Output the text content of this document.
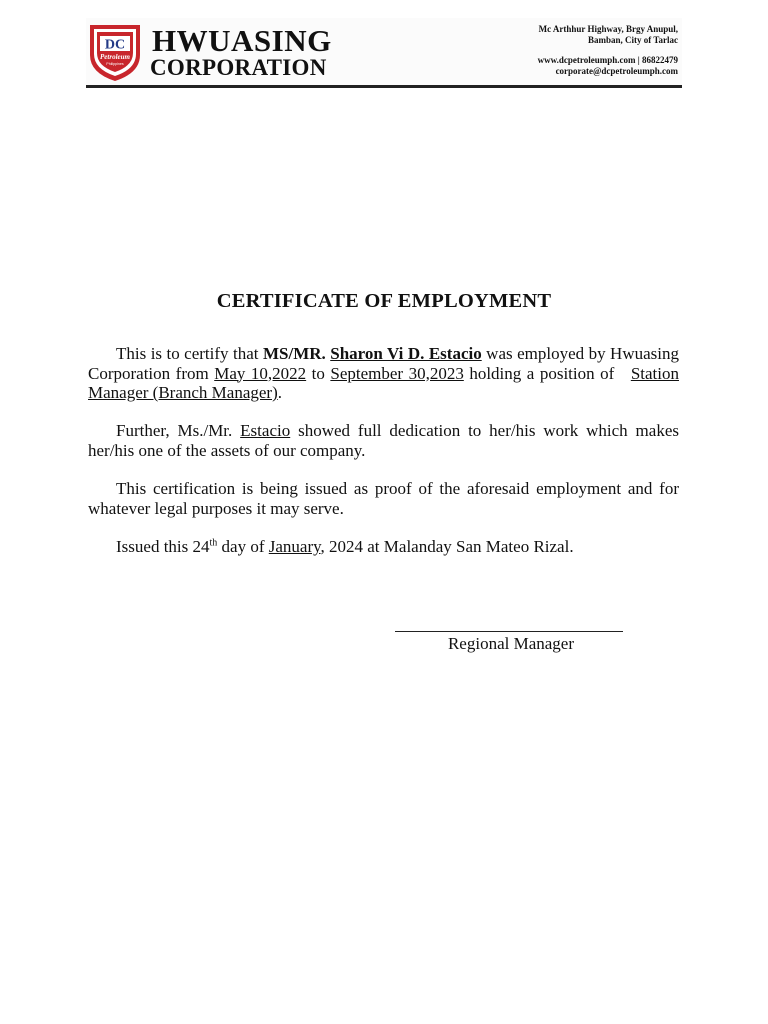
DC
Petroleum
Philippines
HWUASING
CORPORATION
Mc Arthhur Highway, Brgy Anupul,
Bamban, City of Tarlac
www.dcpetroleumph.com | 86822479
corporate@dcpetroleumph.com
CERTIFICATE OF EMPLOYMENT
This is to certify that MS/MR. Sharon Vi D. Estacio was employed by Hwuasing Corporation from May 10,2022 to September 30,2023 holding a position of   Station Manager (Branch Manager).
Further, Ms./Mr. Estacio showed full dedication to her/his work which makes her/his one of the assets of our company.
This certification is being issued as proof of the aforesaid employment and for whatever legal purposes it may serve.
Issued this 24th day of January, 2024 at Malanday San Mateo Rizal.
Regional Manager
